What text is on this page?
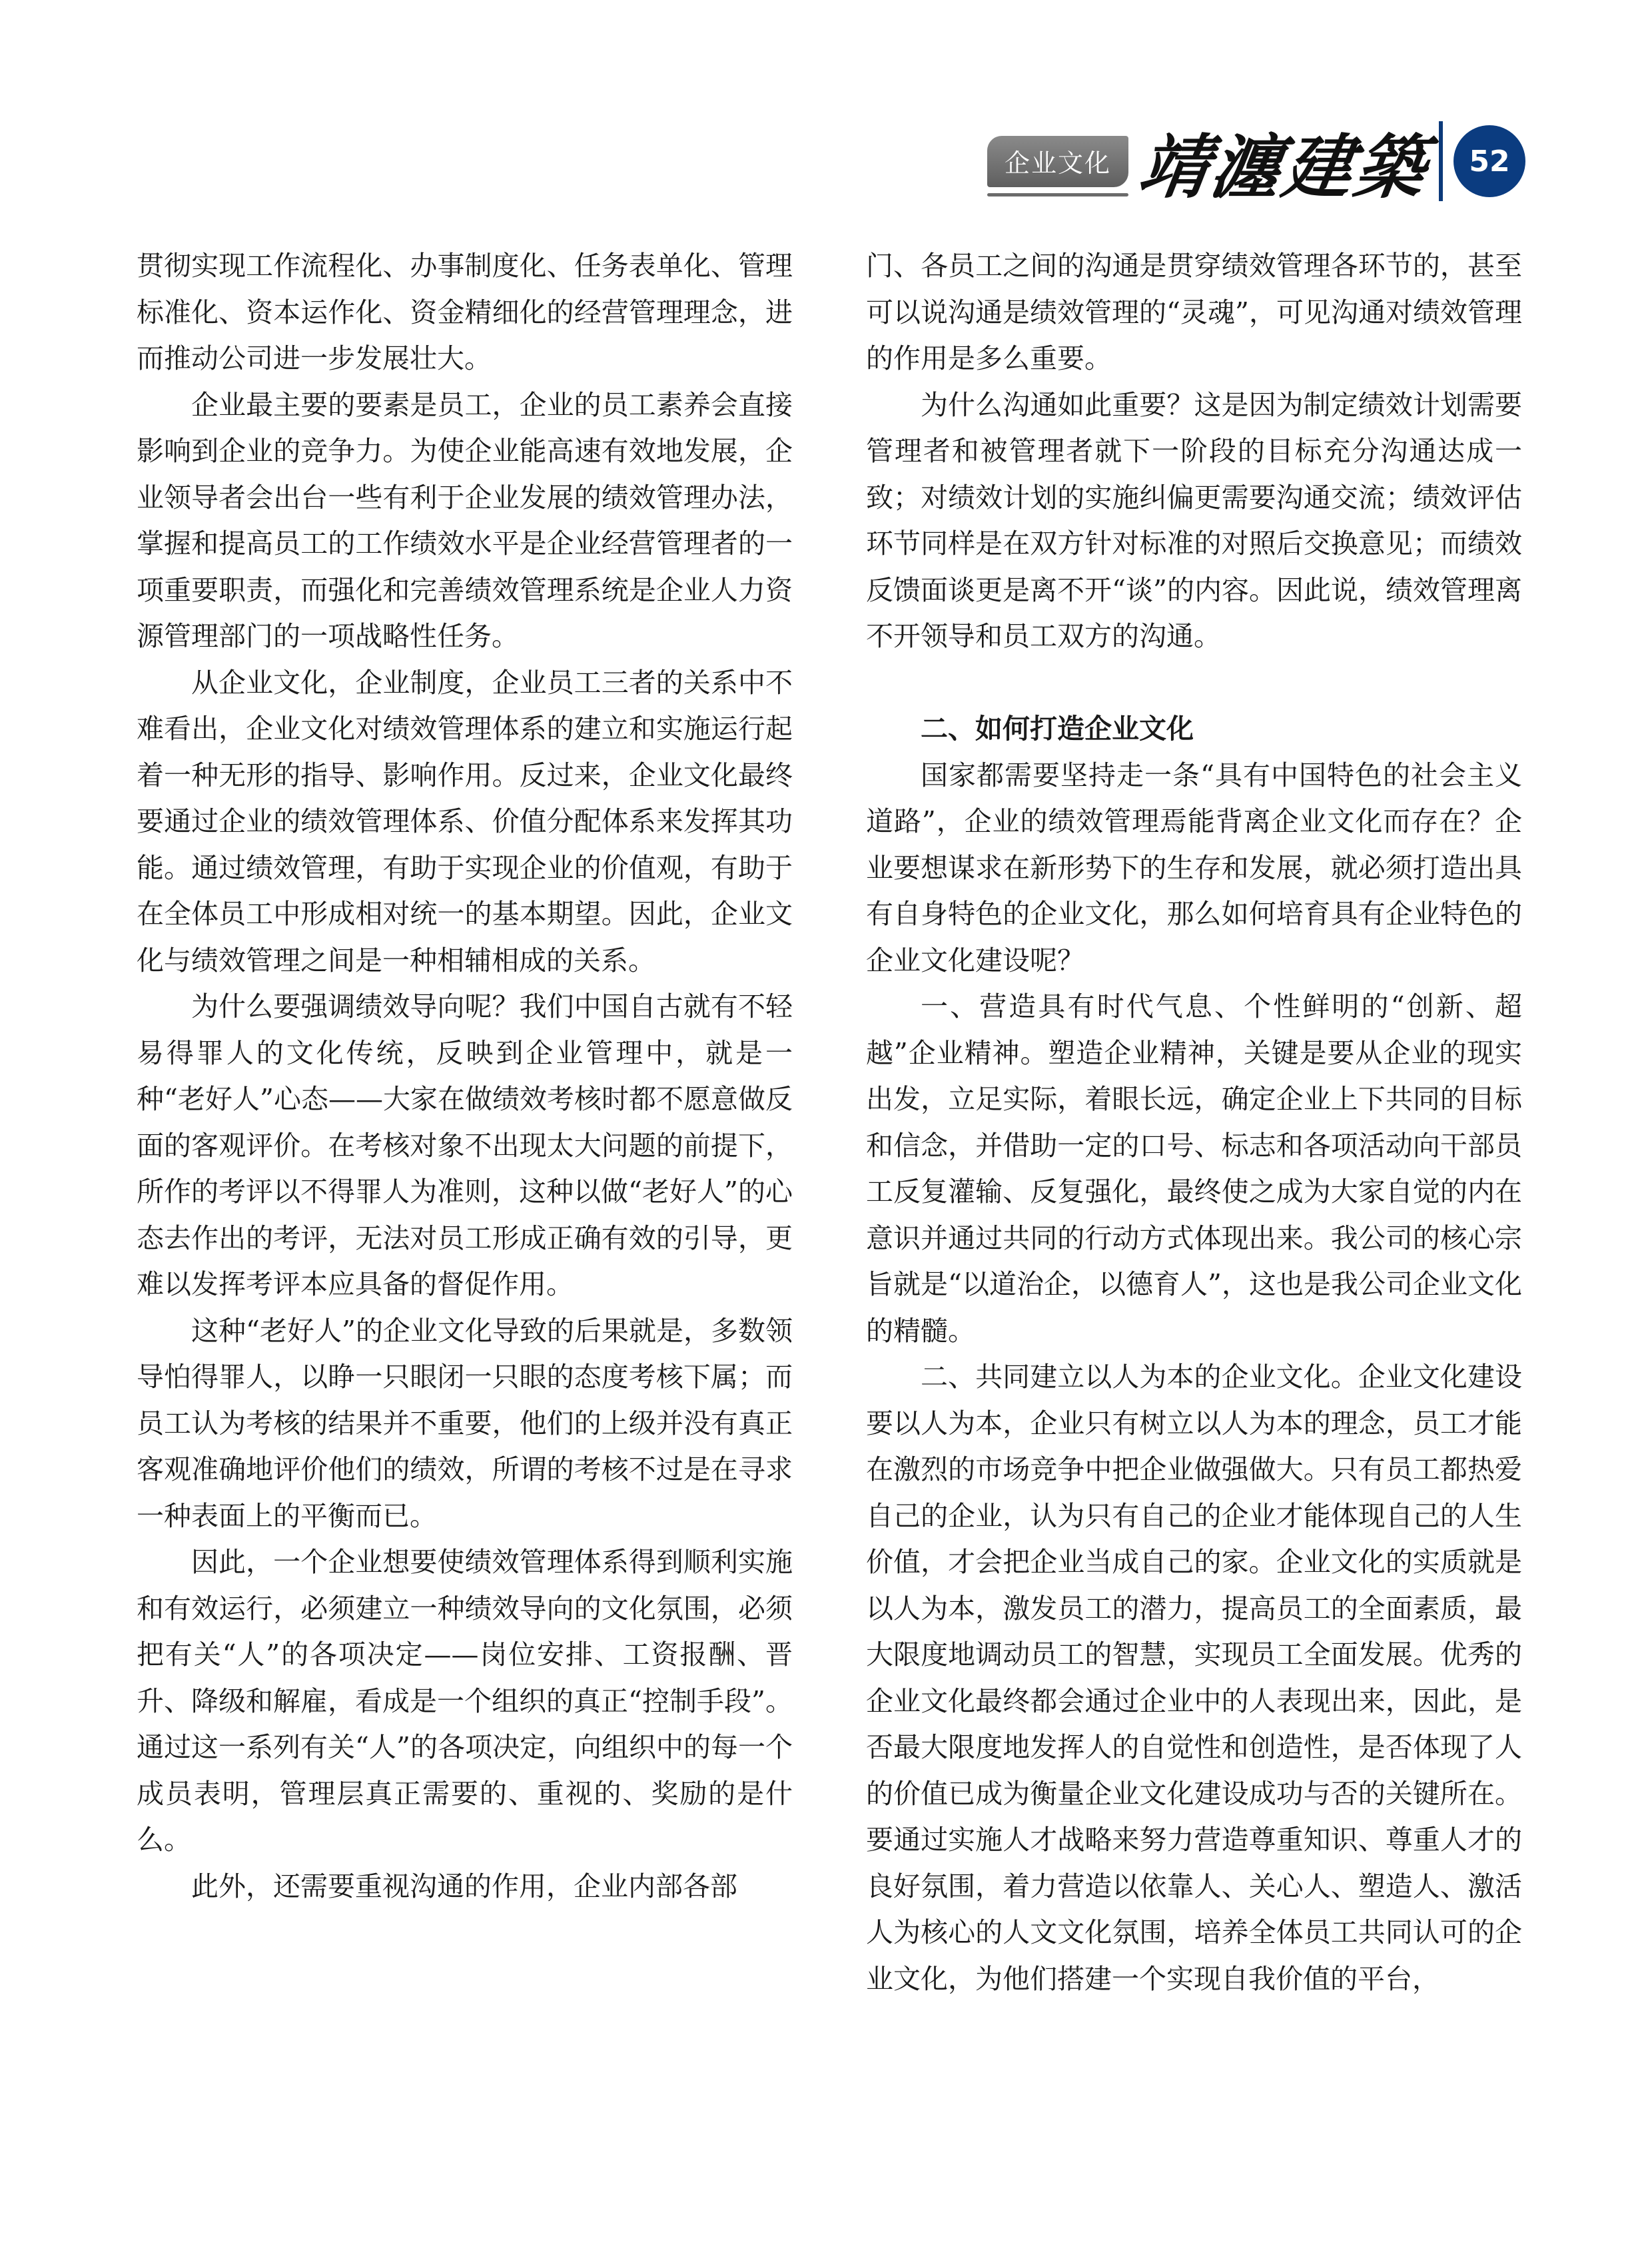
企业文化 靖瀍建築	52

贯彻实现工作流程化、办事制度化、任务表单化、管理标准化、资本运作化、资金精细化的经营管理理念，进而推动公司进一步发展壮大。

企业最主要的要素是员工，企业的员工素养会直接影响到企业的竞争力。为使企业能高速有效地发展，企业领导者会出台一些有利于企业发展的绩效管理办法，掌握和提高员工的工作绩效水平是企业经营管理者的一项重要职责，而强化和完善绩效管理系统是企业人力资源管理部门的一项战略性任务。

从企业文化，企业制度，企业员工三者的关系中不难看出，企业文化对绩效管理体系的建立和实施运行起着一种无形的指导、影响作用。反过来，企业文化最终要通过企业的绩效管理体系、价值分配体系来发挥其功能。通过绩效管理，有助于实现企业的价值观，有助于在全体员工中形成相对统一的基本期望。因此，企业文化与绩效管理之间是一种相辅相成的关系。

为什么要强调绩效导向呢？我们中国自古就有不轻易得罪人的文化传统，反映到企业管理中，就是一种“老好人”心态——大家在做绩效考核时都不愿意做反面的客观评价。在考核对象不出现太大问题的前提下，所作的考评以不得罪人为准则，这种以做“老好人”的心态去作出的考评，无法对员工形成正确有效的引导，更难以发挥考评本应具备的督促作用。

这种“老好人”的企业文化导致的后果就是，多数领导怕得罪人，以睁一只眼闭一只眼的态度考核下属；而员工认为考核的结果并不重要，他们的上级并没有真正客观准确地评价他们的绩效，所谓的考核不过是在寻求一种表面上的平衡而已。

因此，一个企业想要使绩效管理体系得到顺利实施和有效运行，必须建立一种绩效导向的文化氛围，必须把有关“人”的各项决定——岗位安排、工资报酬、晋升、降级和解雇，看成是一个组织的真正“控制手段”。通过这一系列有关“人”的各项决定，向组织中的每一个成员表明，管理层真正需要的、重视的、奖励的是什么。

此外，还需要重视沟通的作用，企业内部各部

门、各员工之间的沟通是贯穿绩效管理各环节的，甚至可以说沟通是绩效管理的“灵魂”，可见沟通对绩效管理的作用是多么重要。

为什么沟通如此重要？这是因为制定绩效计划需要管理者和被管理者就下一阶段的目标充分沟通达成一致；对绩效计划的实施纠偏更需要沟通交流；绩效评估环节同样是在双方针对标准的对照后交换意见；而绩效反馈面谈更是离不开“谈”的内容。因此说，绩效管理离不开领导和员工双方的沟通。

二、如何打造企业文化

国家都需要坚持走一条“具有中国特色的社会主义道路”，企业的绩效管理焉能背离企业文化而存在？企业要想谋求在新形势下的生存和发展，就必须打造出具有自身特色的企业文化，那么如何培育具有企业特色的企业文化建设呢？

一、营造具有时代气息、个性鲜明的“创新、超越”企业精神。塑造企业精神，关键是要从企业的现实出发，立足实际，着眼长远，确定企业上下共同的目标和信念，并借助一定的口号、标志和各项活动向干部员工反复灌输、反复强化，最终使之成为大家自觉的内在意识并通过共同的行动方式体现出来。我公司的核心宗旨就是“以道治企，以德育人”，这也是我公司企业文化的精髓。

二、共同建立以人为本的企业文化。企业文化建设要以人为本，企业只有树立以人为本的理念，员工才能在激烈的市场竞争中把企业做强做大。只有员工都热爱自己的企业，认为只有自己的企业才能体现自己的人生价值，才会把企业当成自己的家。企业文化的实质就是以人为本，激发员工的潜力，提高员工的全面素质，最大限度地调动员工的智慧，实现员工全面发展。优秀的企业文化最终都会通过企业中的人表现出来，因此，是否最大限度地发挥人的自觉性和创造性，是否体现了人的价值已成为衡量企业文化建设成功与否的关键所在。要通过实施人才战略来努力营造尊重知识、尊重人才的良好氛围，着力营造以依靠人、关心人、塑造人、激活人为核心的人文文化氛围，培养全体员工共同认可的企业文化，为他们搭建一个实现自我价值的平台，
